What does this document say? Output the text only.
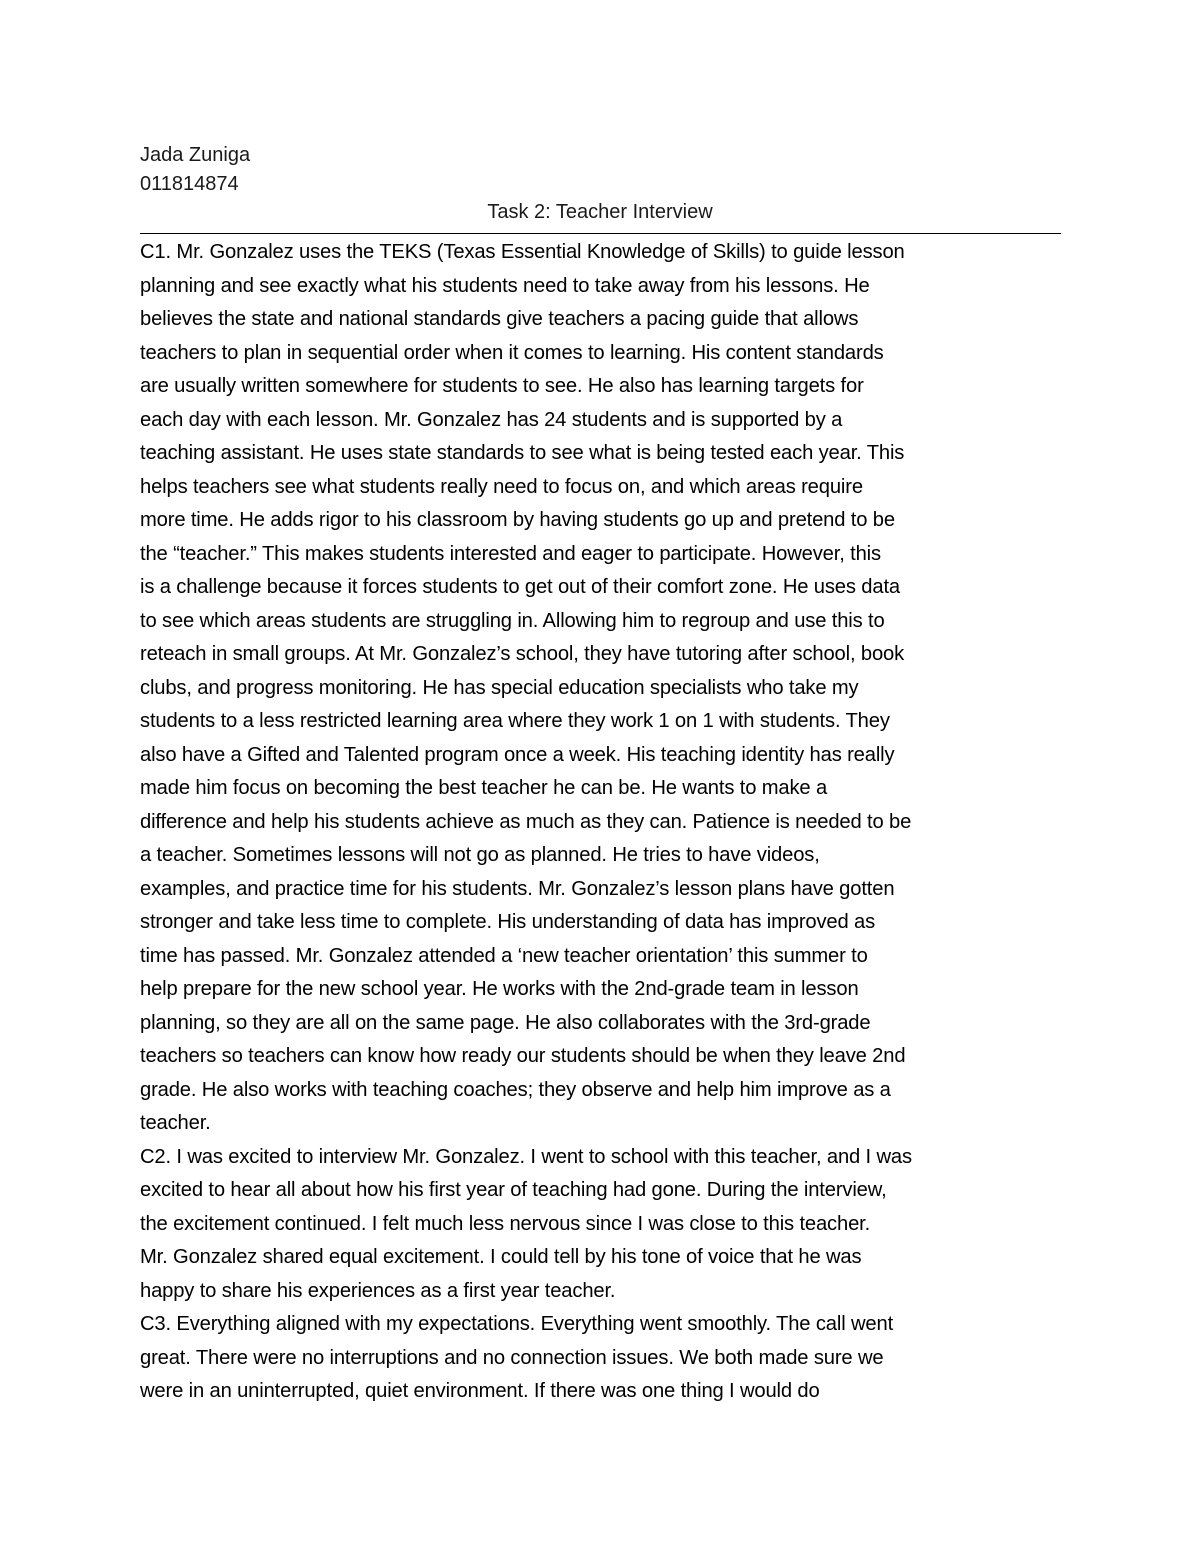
Jada Zuniga
011814874
Task 2: Teacher Interview

C1. Mr. Gonzalez uses the TEKS (Texas Essential Knowledge of Skills) to guide lesson
planning and see exactly what his students need to take away from his lessons. He
believes the state and national standards give teachers a pacing guide that allows
teachers to plan in sequential order when it comes to learning. His content standards
are usually written somewhere for students to see. He also has learning targets for
each day with each lesson. Mr. Gonzalez has 24 students and is supported by a
teaching assistant. He uses state standards to see what is being tested each year. This
helps teachers see what students really need to focus on, and which areas require
more time. He adds rigor to his classroom by having students go up and pretend to be
the “teacher.” This makes students interested and eager to participate. However, this
is a challenge because it forces students to get out of their comfort zone. He uses data
to see which areas students are struggling in. Allowing him to regroup and use this to
reteach in small groups. At Mr. Gonzalez’s school, they have tutoring after school, book
clubs, and progress monitoring. He has special education specialists who take my
students to a less restricted learning area where they work 1 on 1 with students. They
also have a Gifted and Talented program once a week. His teaching identity has really
made him focus on becoming the best teacher he can be. He wants to make a
difference and help his students achieve as much as they can. Patience is needed to be
a teacher. Sometimes lessons will not go as planned. He tries to have videos,
examples, and practice time for his students. Mr. Gonzalez’s lesson plans have gotten
stronger and take less time to complete. His understanding of data has improved as
time has passed. Mr. Gonzalez attended a ‘new teacher orientation’ this summer to
help prepare for the new school year. He works with the 2nd-grade team in lesson
planning, so they are all on the same page. He also collaborates with the 3rd-grade
teachers so teachers can know how ready our students should be when they leave 2nd
grade. He also works with teaching coaches; they observe and help him improve as a
teacher.

C2. I was excited to interview Mr. Gonzalez. I went to school with this teacher, and I was
excited to hear all about how his first year of teaching had gone. During the interview,
the excitement continued. I felt much less nervous since I was close to this teacher.
Mr. Gonzalez shared equal excitement. I could tell by his tone of voice that he was
happy to share his experiences as a first year teacher.

C3. Everything aligned with my expectations. Everything went smoothly. The call went
great. There were no interruptions and no connection issues. We both made sure we
were in an uninterrupted, quiet environment. If there was one thing I would do
